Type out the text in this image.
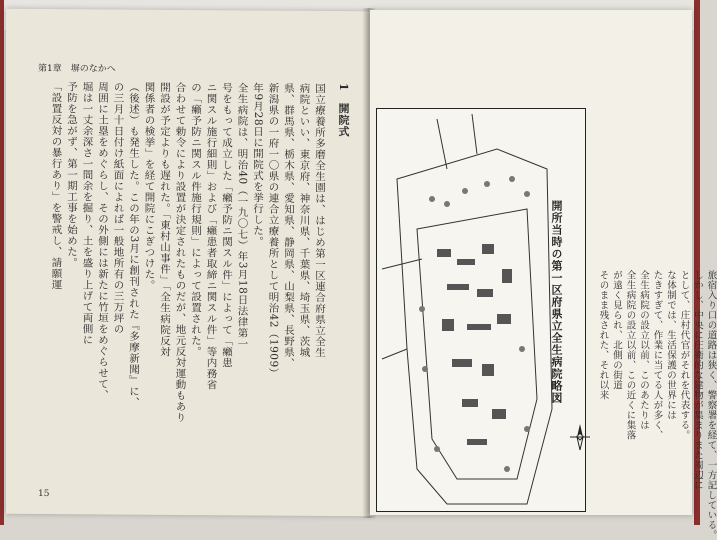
第1章　塀のなかへ
1　開院式
国立療養所多磨全生園は、はじめ第一区連合府県立全生
病院といい、東京府、神奈川県、千葉県、埼玉県、茨城
県、群馬県、栃木県、愛知県、静岡県、山梨県、長野県、
新潟県の一府一〇県の連合立療養所として明治42（1909）
年9月28日に開院式を挙行した。
全生病院は、明治40（一九〇七）年3月18日法律第一
号をもって成立した「癩予防ニ関スル件」によって「癩患
ニ関スル施行細則」および「癩患者取締ニ関スル件」等内務省
の「癩予防ニ関スル件施行規則」によって設置された。
合わせて勅令により設置が決定されたものだが、地元反対運動もあり
開設が予定よりも遅れた。「東村山事件」「全生病院反対
関係者の検挙」を経て開院にこぎつけた。
（後述）も発生した。この年の3月に創刊された『多摩新聞』に、
の三月十日付け紙面によれば一般地所有の三万坪の
周囲に土塁をめぐらし、その外側には新たに竹垣をめぐらせて、
堀は一丈余深さ一間余を掘り、土を盛り上げて両側に
予防を急がず、第一期工事を始めた。
「設置反対の暴行あり」を警戒し、請願運
15
開所当時の第一区府県立全生病院略図	旅宿入り口の道路は狭く、警察署を経て、一方記している。
しかし、中央に庄衛的な建物が集まりまた周辺に
として、庄村代官がそれを代表する。
な体制では、生活保護の世界には
たきすぎて、作業に当てる人が多く、
全生病院の設立以前、このあたりは
全生病院の設立以前、この近くに集落
が遠く見られ、北側の街道
そのまま残された、それ以来
